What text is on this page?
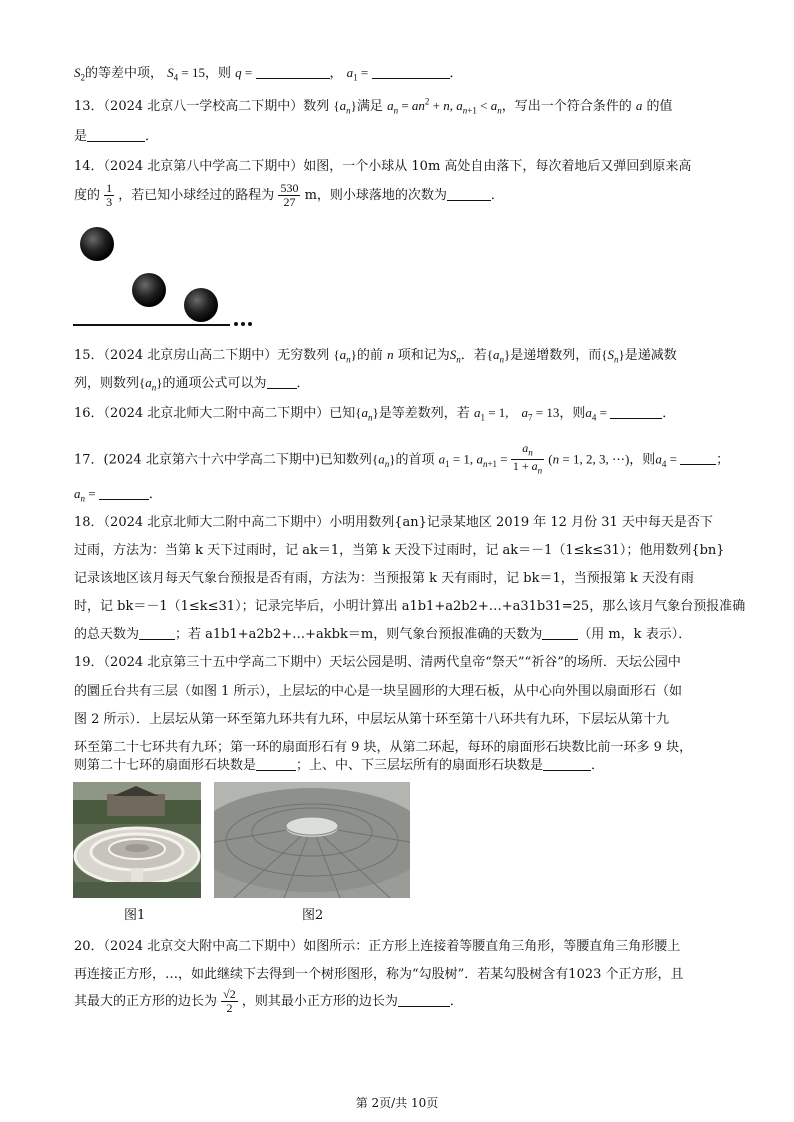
$S_2$的等差中项， $S_4 = 15$，则 q =	， $a_1$ =	．
13．（2024 北京八一学校高二下期中）数列 $\{a_n\}$满足 $a_n = an^2 + n$, $a_{n+1} < a_n$，写出一个符合条件的 a 的值
是	．
14．（2024 北京第八中学高二下期中）如图，一个小球从 10m 高处自由落下，每次着地后又弹回到原来高
度的 $\frac{1}{3}$ ，若已知小球经过的路程为 $\frac{530}{27}$ m，则小球落地的次数为	．
15．（2024 北京房山高二下期中）无穷数列 $\{a_n\}$的前 n 项和记为$S_n$．若$\{a_n\}$是递增数列，而$\{S_n\}$是递减数
列，则数列$\{a_n\}$的通项公式可以为 ．
16．（2024 北京北师大二附中高二下期中）已知$\{a_n\}$是等差数列，若 $a_1 = 1$,    $a_7 = 13$，则$a_4$ =	．
17．(2024 北京第六十六中学高二下期中)已知数列$\{a_n\}$的首项 $a_1 = 1$, $a_{n+1} = \frac{a_n}{1 + a_n} (n = 1$, 2, 3, ⋯)，则$a_4$ =	；
$a_n$ =	．
18．（2024 北京北师大二附中高二下期中）小明用数列{an}记录某地区 2019 年 12 月份 31 天中每天是否下
过雨，方法为：当第 k 天下过雨时，记 ak＝1，当第 k 天没下过雨时，记 ak＝－1（1≤k≤31）；他用数列{bn}
记录该地区该月每天气象台预报是否有雨，方法为：当预报第 k 天有雨时，记 bk＝1，当预报第 k 天没有雨
时，记 bk＝－1（1≤k≤31）；记录完毕后，小明计算出 a1b1+a2b2+…+a31b31=25，那么该月气象台预报准确
的总天数为	；若 a1b1+a2b2+…+akbk＝m，则气象台预报准确的天数为	（用 m，k 表示）．
19．（2024 北京第三十五中学高二下期中）天坛公园是明、清两代皇帝“祭天”“祈谷”的场所．天坛公园中
的圜丘台共有三层（如图 1 所示），上层坛的中心是一块呈圆形的大理石板，从中心向外围以扇面形石（如
图 2 所示）．上层坛从第一环至第九环共有九环，中层坛从第十环至第十八环共有九环，下层坛从第十九
环至第二十七环共有九环；第一环的扇面形石有 9 块，从第二环起，每环的扇面形石块数比前一环多 9 块，
则第二十七环的扇面形石块数是	；上、中、下三层坛所有的扇面形石块数是	．
图1	图2
20．（2024 北京交大附中高二下期中）如图所示：正方形上连接着等腰直角三角形，等腰直角三角形腰上
再连接正方形，…，如此继续下去得到一个树形图形，称为“勾股树”．若某勾股树含有1023 个正方形，且
其最大的正方形的边长为 $\frac{√2}{2}$ ，则其最小正方形的边长为	．
第 2页/共 10页
